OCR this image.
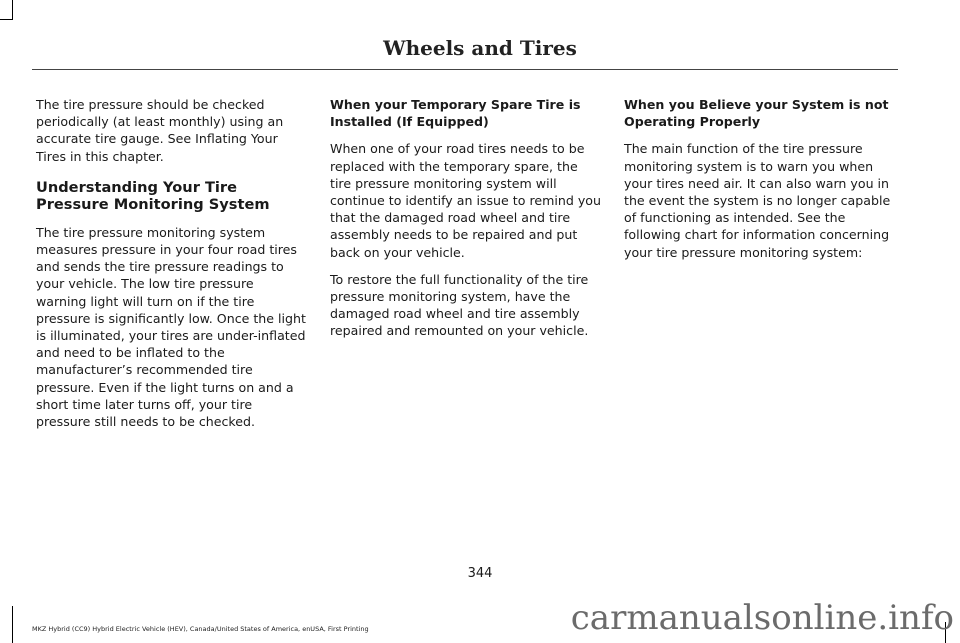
Wheels and Tires

The tire pressure should be checked periodically (at least monthly) using an accurate tire gauge. See Inflating Your Tires in this chapter.

Understanding Your Tire Pressure Monitoring System

The tire pressure monitoring system measures pressure in your four road tires and sends the tire pressure readings to your vehicle. The low tire pressure warning light will turn on if the tire pressure is significantly low. Once the light is illuminated, your tires are under-inflated and need to be inflated to the manufacturer’s recommended tire pressure. Even if the light turns on and a short time later turns off, your tire pressure still needs to be checked.

When your Temporary Spare Tire is Installed (If Equipped)

When one of your road tires needs to be replaced with the temporary spare, the tire pressure monitoring system will continue to identify an issue to remind you that the damaged road wheel and tire assembly needs to be repaired and put back on your vehicle.

To restore the full functionality of the tire pressure monitoring system, have the damaged road wheel and tire assembly repaired and remounted on your vehicle.

When you Believe your System is not Operating Properly

The main function of the tire pressure monitoring system is to warn you when your tires need air. It can also warn you in the event the system is no longer capable of functioning as intended. See the following chart for information concerning your tire pressure monitoring system:

344
MKZ Hybrid (CC9) Hybrid Electric Vehicle (HEV), Canada/United States of America, enUSA, First Printing	carmanualsonline.info
